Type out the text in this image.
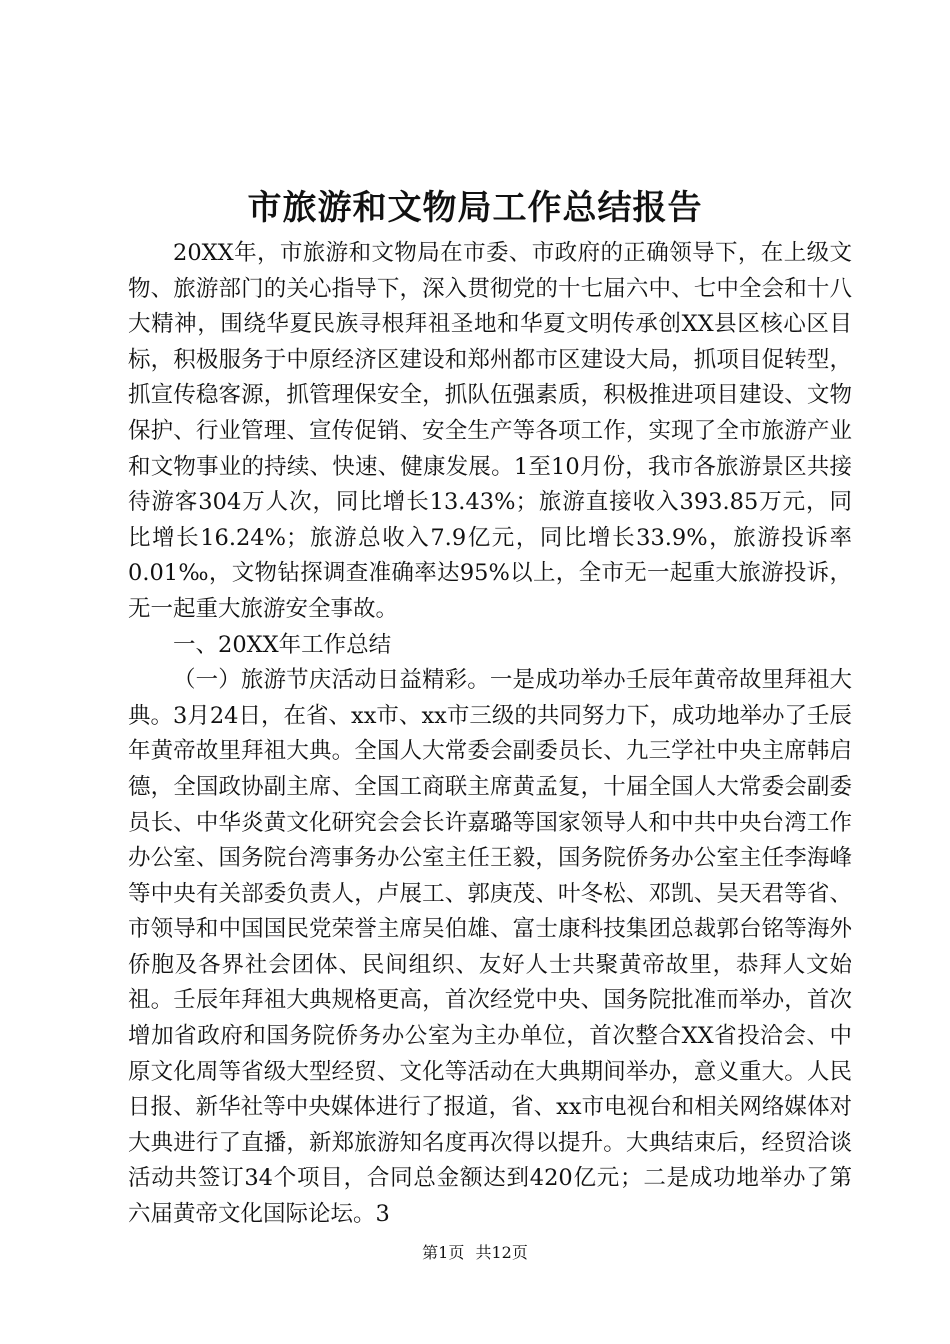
市旅游和文物局工作总结报告

20XX年，市旅游和文物局在市委、市政府的正确领导下，在上级文物、旅游部门的关心指导下，深入贯彻党的十七届六中、七中全会和十八大精神，围绕华夏民族寻根拜祖圣地和华夏文明传承创XX县区核心区目标，积极服务于中原经济区建设和郑州都市区建设大局，抓项目促转型，抓宣传稳客源，抓管理保安全，抓队伍强素质，积极推进项目建设、文物保护、行业管理、宣传促销、安全生产等各项工作，实现了全市旅游产业和文物事业的持续、快速、健康发展。1至10月份，我市各旅游景区共接待游客304万人次，同比增长13.43%；旅游直接收入393.85万元，同比增长16.24%；旅游总收入7.9亿元，同比增长33.9%，旅游投诉率0.01‰，文物钻探调查准确率达95%以上，全市无一起重大旅游投诉，无一起重大旅游安全事故。

一、20XX年工作总结

（一）旅游节庆活动日益精彩。一是成功举办壬辰年黄帝故里拜祖大典。3月24日，在省、xx市、xx市三级的共同努力下，成功地举办了壬辰年黄帝故里拜祖大典。全国人大常委会副委员长、九三学社中央主席韩启德，全国政协副主席、全国工商联主席黄孟复，十届全国人大常委会副委员长、中华炎黄文化研究会会长许嘉璐等国家领导人和中共中央台湾工作办公室、国务院台湾事务办公室主任王毅，国务院侨务办公室主任李海峰等中央有关部委负责人，卢展工、郭庚茂、叶冬松、邓凯、吴天君等省、市领导和中国国民党荣誉主席吴伯雄、富士康科技集团总裁郭台铭等海外侨胞及各界社会团体、民间组织、友好人士共聚黄帝故里，恭拜人文始祖。壬辰年拜祖大典规格更高，首次经党中央、国务院批准而举办，首次增加省政府和国务院侨务办公室为主办单位，首次整合XX省投洽会、中原文化周等省级大型经贸、文化等活动在大典期间举办，意义重大。人民日报、新华社等中央媒体进行了报道，省、xx市电视台和相关网络媒体对大典进行了直播，新郑旅游知名度再次得以提升。大典结束后，经贸洽谈活动共签订34个项目，合同总金额达到420亿元；二是成功地举办了第六届黄帝文化国际论坛。3

第1页 共12页
